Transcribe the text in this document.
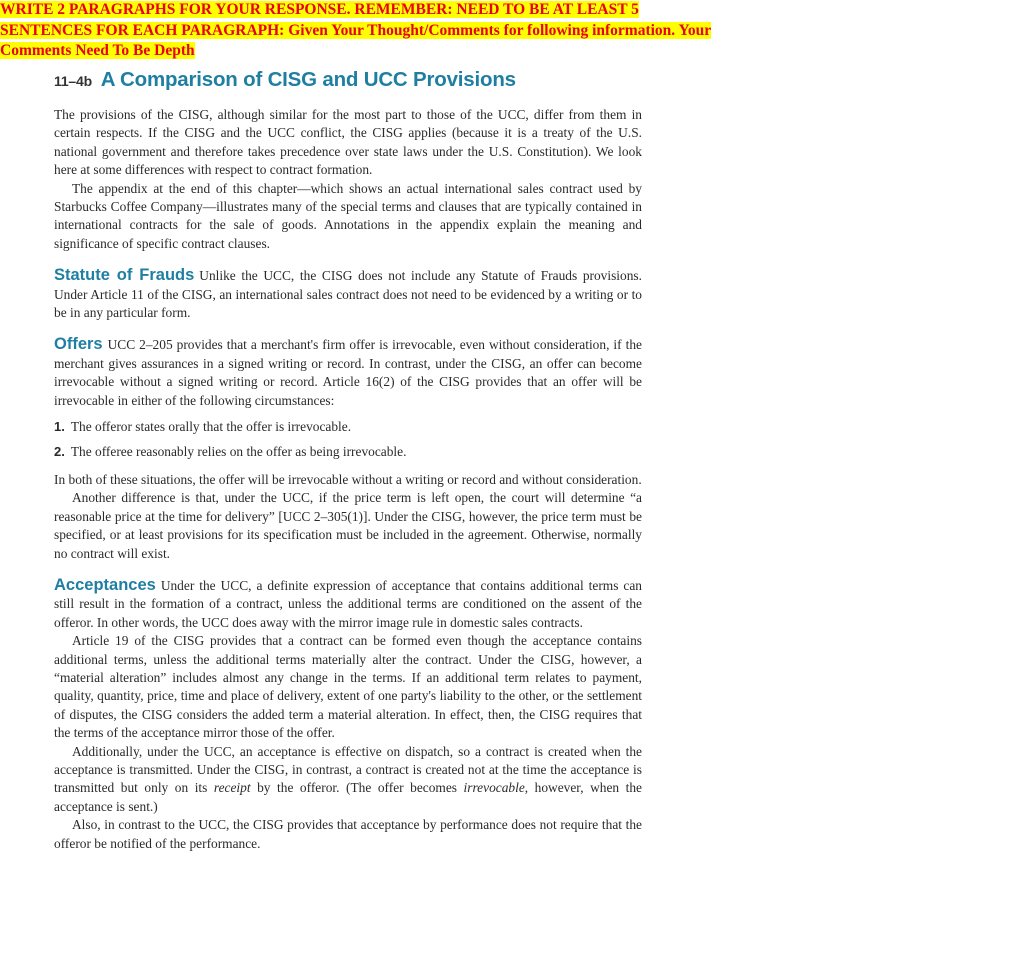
WRITE 2 PARAGRAPHS FOR YOUR RESPONSE. REMEMBER: NEED TO BE AT LEAST 5
SENTENCES FOR EACH PARAGRAPH: Given Your Thought/Comments for following information. Your
Comments Need To Be Depth
11–4b A Comparison of CISG and UCC Provisions

The provisions of the CISG, although similar for the most part to those of the UCC, differ from them in certain respects. If the CISG and the UCC conflict, the CISG applies (because it is a treaty of the U.S. national government and therefore takes precedence over state laws under the U.S. Constitution). We look here at some differences with respect to contract formation.

The appendix at the end of this chapter—which shows an actual international sales contract used by Starbucks Coffee Company—illustrates many of the special terms and clauses that are typically contained in international contracts for the sale of goods. Annotations in the appendix explain the meaning and significance of specific contract clauses.

Statute of Frauds Unlike the UCC, the CISG does not include any Statute of Frauds provisions. Under Article 11 of the CISG, an international sales contract does not need to be evidenced by a writing or to be in any particular form.

Offers UCC 2–205 provides that a merchant's firm offer is irrevocable, even without consideration, if the merchant gives assurances in a signed writing or record. In contrast, under the CISG, an offer can become irrevocable without a signed writing or record. Article 16(2) of the CISG provides that an offer will be irrevocable in either of the following circumstances:

1. The offeror states orally that the offer is irrevocable.
2. The offeree reasonably relies on the offer as being irrevocable.

In both of these situations, the offer will be irrevocable without a writing or record and without consideration.

Another difference is that, under the UCC, if the price term is left open, the court will determine “a reasonable price at the time for delivery” [UCC 2–305(1)]. Under the CISG, however, the price term must be specified, or at least provisions for its specification must be included in the agreement. Otherwise, normally no contract will exist.

Acceptances Under the UCC, a definite expression of acceptance that contains additional terms can still result in the formation of a contract, unless the additional terms are conditioned on the assent of the offeror. In other words, the UCC does away with the mirror image rule in domestic sales contracts.

Article 19 of the CISG provides that a contract can be formed even though the acceptance contains additional terms, unless the additional terms materially alter the contract. Under the CISG, however, a “material alteration” includes almost any change in the terms. If an additional term relates to payment, quality, quantity, price, time and place of delivery, extent of one party's liability to the other, or the settlement of disputes, the CISG considers the added term a material alteration. In effect, then, the CISG requires that the terms of the acceptance mirror those of the offer.

Additionally, under the UCC, an acceptance is effective on dispatch, so a contract is created when the acceptance is transmitted. Under the CISG, in contrast, a contract is created not at the time the acceptance is transmitted but only on its receipt by the offeror. (The offer becomes irrevocable, however, when the acceptance is sent.)

Also, in contrast to the UCC, the CISG provides that acceptance by performance does not require that the offeror be notified of the performance.
